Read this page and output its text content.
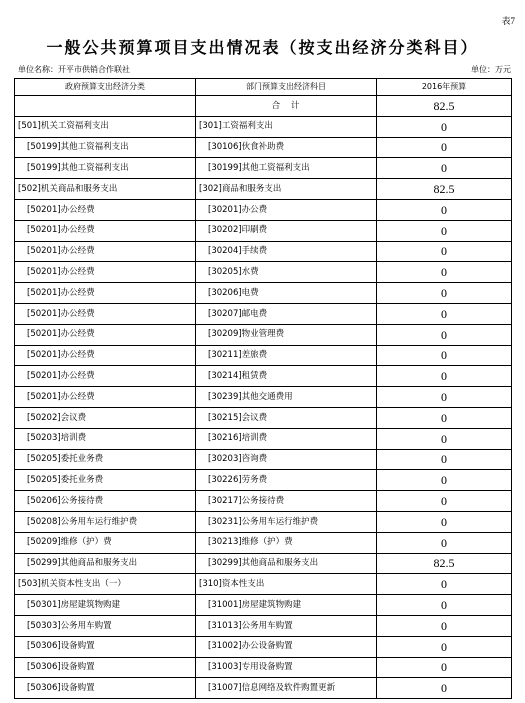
表7
一般公共预算项目支出情况表（按支出经济分类科目）
单位名称：开平市供销合作联社	单位：万元
政府预算支出经济分类	部门预算支出经济科目	2016年预算
	合 计	82.5
[501]机关工资福利支出	[301]工资福利支出	0
[50199]其他工资福利支出	[30106]伙食补助费	0
[50199]其他工资福利支出	[30199]其他工资福利支出	0
[502]机关商品和服务支出	[302]商品和服务支出	82.5
[50201]办公经费	[30201]办公费	0
[50201]办公经费	[30202]印刷费	0
[50201]办公经费	[30204]手续费	0
[50201]办公经费	[30205]水费	0
[50201]办公经费	[30206]电费	0
[50201]办公经费	[30207]邮电费	0
[50201]办公经费	[30209]物业管理费	0
[50201]办公经费	[30211]差旅费	0
[50201]办公经费	[30214]租赁费	0
[50201]办公经费	[30239]其他交通费用	0
[50202]会议费	[30215]会议费	0
[50203]培训费	[30216]培训费	0
[50205]委托业务费	[30203]咨询费	0
[50205]委托业务费	[30226]劳务费	0
[50206]公务接待费	[30217]公务接待费	0
[50208]公务用车运行维护费	[30231]公务用车运行维护费	0
[50209]维修（护）费	[30213]维修（护）费	0
[50299]其他商品和服务支出	[30299]其他商品和服务支出	82.5
[503]机关资本性支出（一）	[310]资本性支出	0
[50301]房屋建筑物购建	[31001]房屋建筑物购建	0
[50303]公务用车购置	[31013]公务用车购置	0
[50306]设备购置	[31002]办公设备购置	0
[50306]设备购置	[31003]专用设备购置	0
[50306]设备购置	[31007]信息网络及软件购置更新	0
